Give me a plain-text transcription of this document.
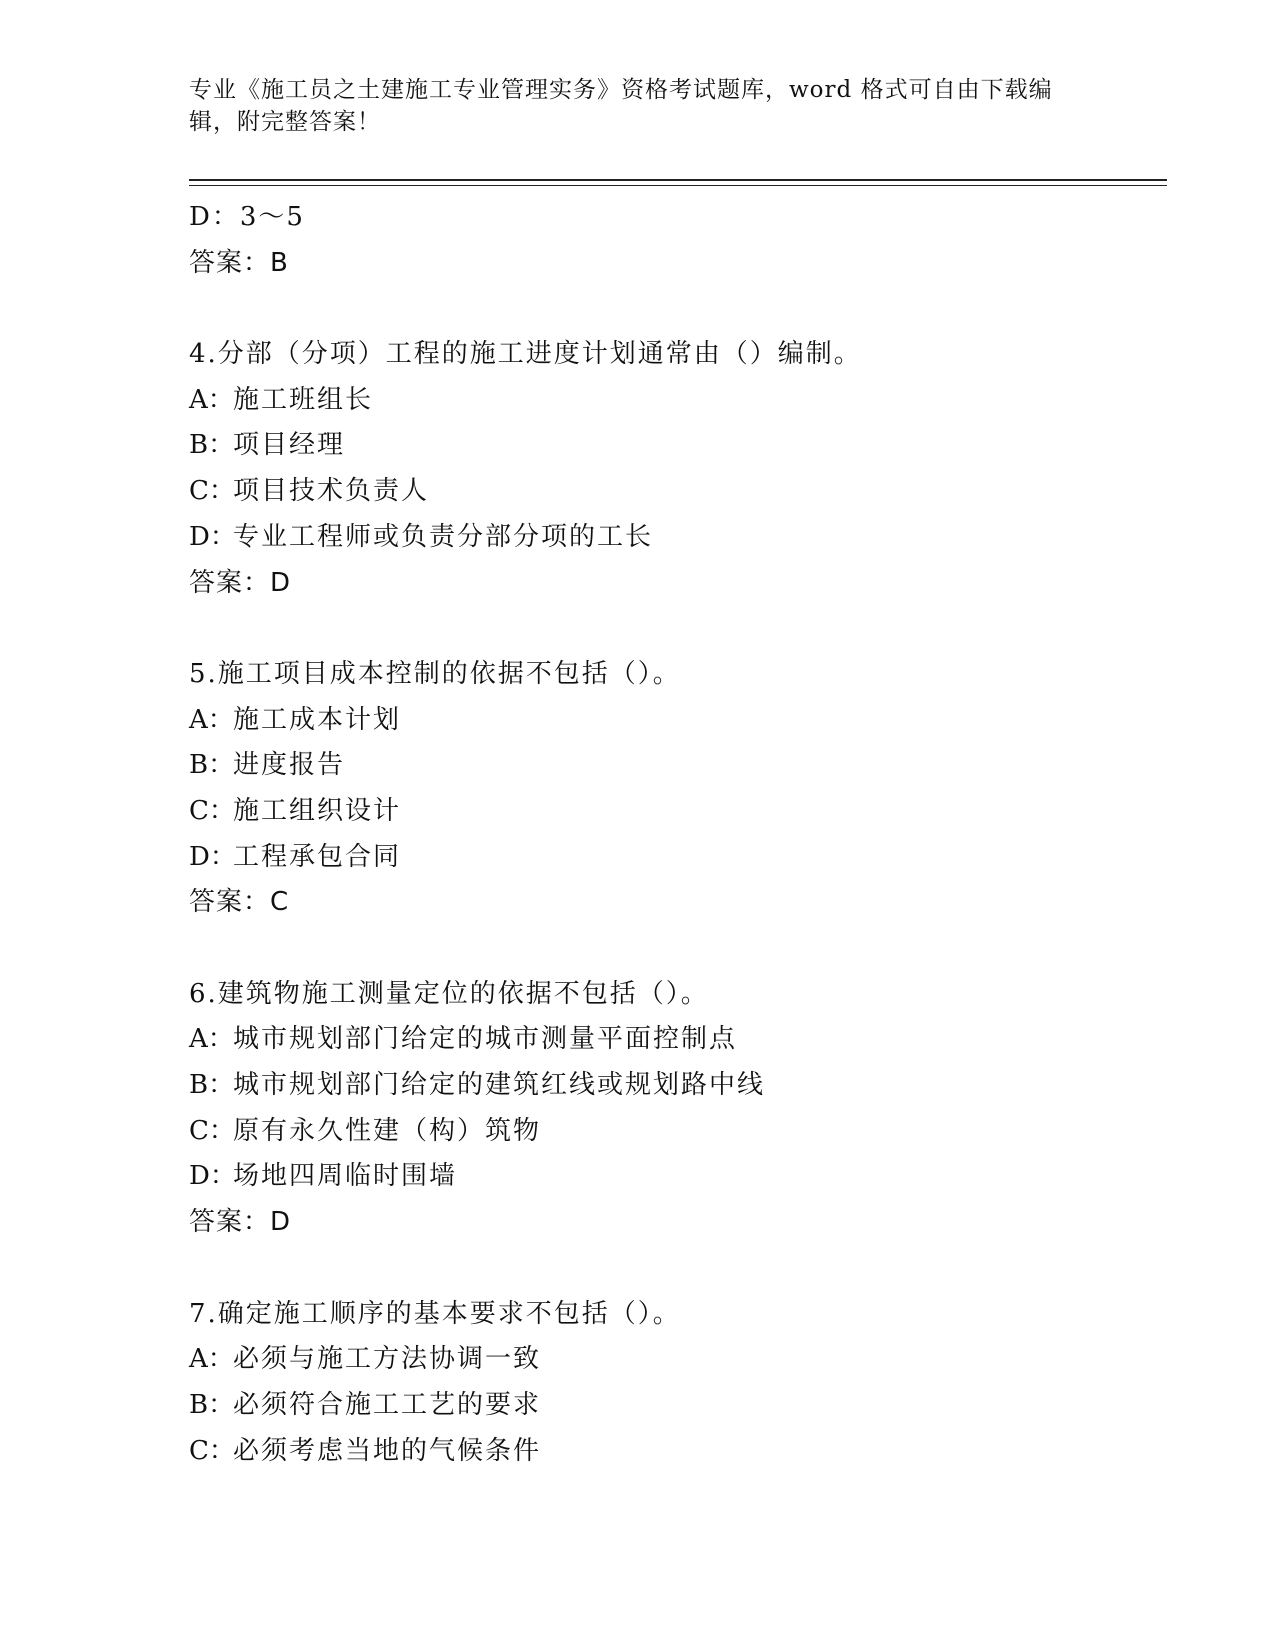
专业《施工员之土建施工专业管理实务》资格考试题库，word 格式可自由下载编
辑，附完整答案！
D：3～5
答案：B
4.分部（分项）工程的施工进度计划通常由（）编制。
A：施工班组长
B：项目经理
C：项目技术负责人
D：专业工程师或负责分部分项的工长
答案：D
5.施工项目成本控制的依据不包括（）。
A：施工成本计划
B：进度报告
C：施工组织设计
D：工程承包合同
答案：C
6.建筑物施工测量定位的依据不包括（）。
A：城市规划部门给定的城市测量平面控制点
B：城市规划部门给定的建筑红线或规划路中线
C：原有永久性建（构）筑物
D：场地四周临时围墙
答案：D
7.确定施工顺序的基本要求不包括（）。
A：必须与施工方法协调一致
B：必须符合施工工艺的要求
C：必须考虑当地的气候条件
